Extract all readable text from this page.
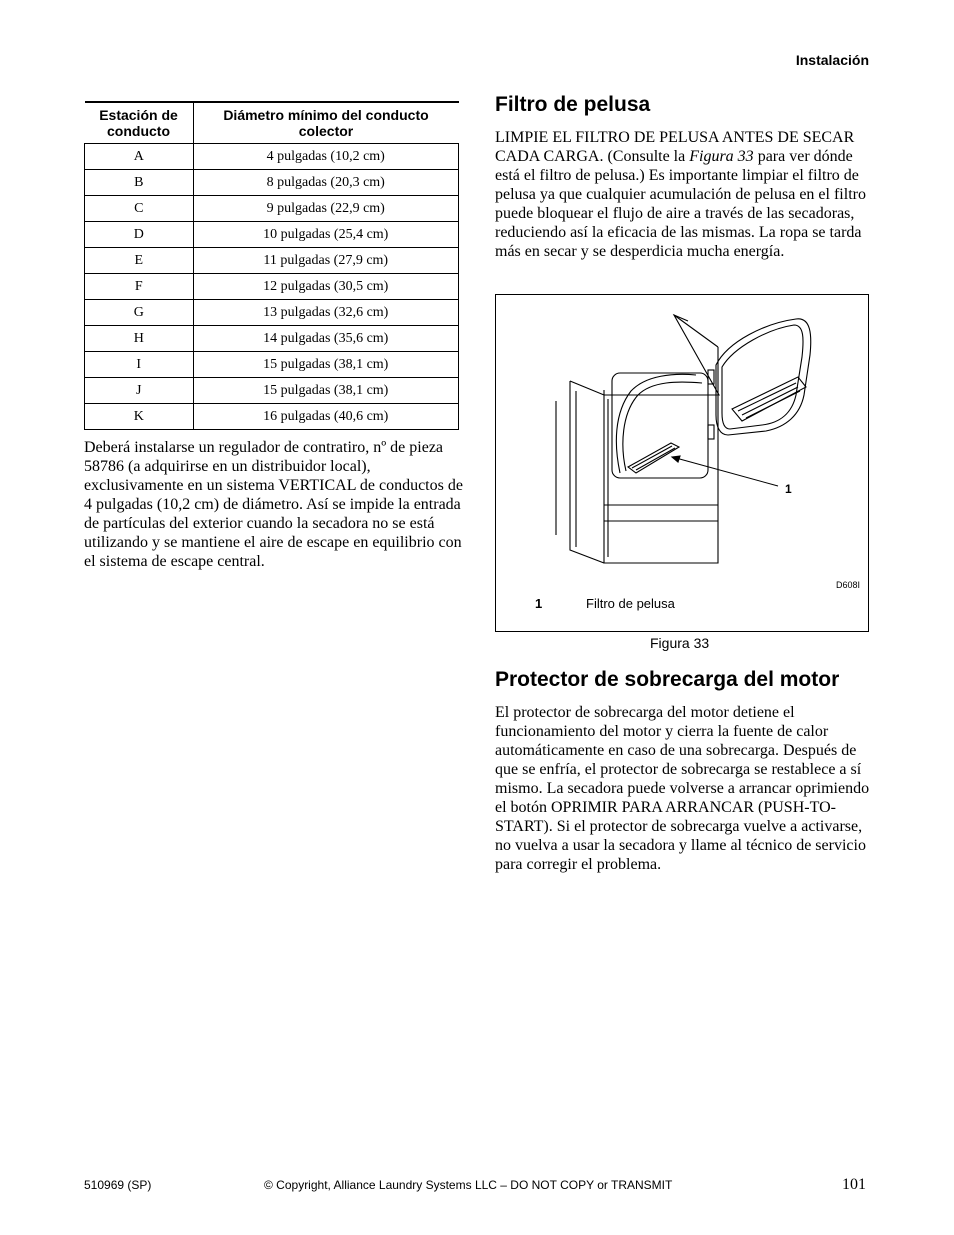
Instalación
Estación de conducto	Diámetro mínimo del conducto colector
A	4 pulgadas (10,2 cm)
B	8 pulgadas (20,3 cm)
C	9 pulgadas (22,9 cm)
D	10 pulgadas (25,4 cm)
E	11 pulgadas (27,9 cm)
F	12 pulgadas (30,5 cm)
G	13 pulgadas (32,6 cm)
H	14 pulgadas (35,6 cm)
I	15 pulgadas (38,1 cm)
J	15 pulgadas (38,1 cm)
K	16 pulgadas (40,6 cm)

Deberá instalarse un regulador de contratiro, nº de pieza 58786 (a adquirirse en un distribuidor local), exclusivamente en un sistema VERTICAL de conductos de 4 pulgadas (10,2 cm) de diámetro. Así se impide la entrada de partículas del exterior cuando la secadora no se está utilizando y se mantiene el aire de escape en equilibrio con el sistema de escape central.

Filtro de pelusa

LIMPIE EL FILTRO DE PELUSA ANTES DE SECAR CADA CARGA. (Consulte la Figura 33 para ver dónde está el filtro de pelusa.) Es importante limpiar el filtro de pelusa ya que cualquier acumulación de pelusa en el filtro puede bloquear el flujo de aire a través de las secadoras, reduciendo así la eficacia de las mismas. La ropa se tarda más en secar y se desperdicia mucha energía.

1
D608I
1	Filtro de pelusa
Figura 33
Protector de sobrecarga del motor

El protector de sobrecarga del motor detiene el funcionamiento del motor y cierra la fuente de calor automáticamente en caso de una sobrecarga. Después de que se enfría, el protector de sobrecarga se restablece a sí mismo. La secadora puede volverse a arrancar oprimiendo el botón OPRIMIR PARA ARRANCAR (PUSH-TO-START). Si el protector de sobrecarga vuelve a activarse, no vuelva a usar la secadora y llame al técnico de servicio para corregir el problema.

510969 (SP)	© Copyright, Alliance Laundry Systems LLC – DO NOT COPY or TRANSMIT	101
